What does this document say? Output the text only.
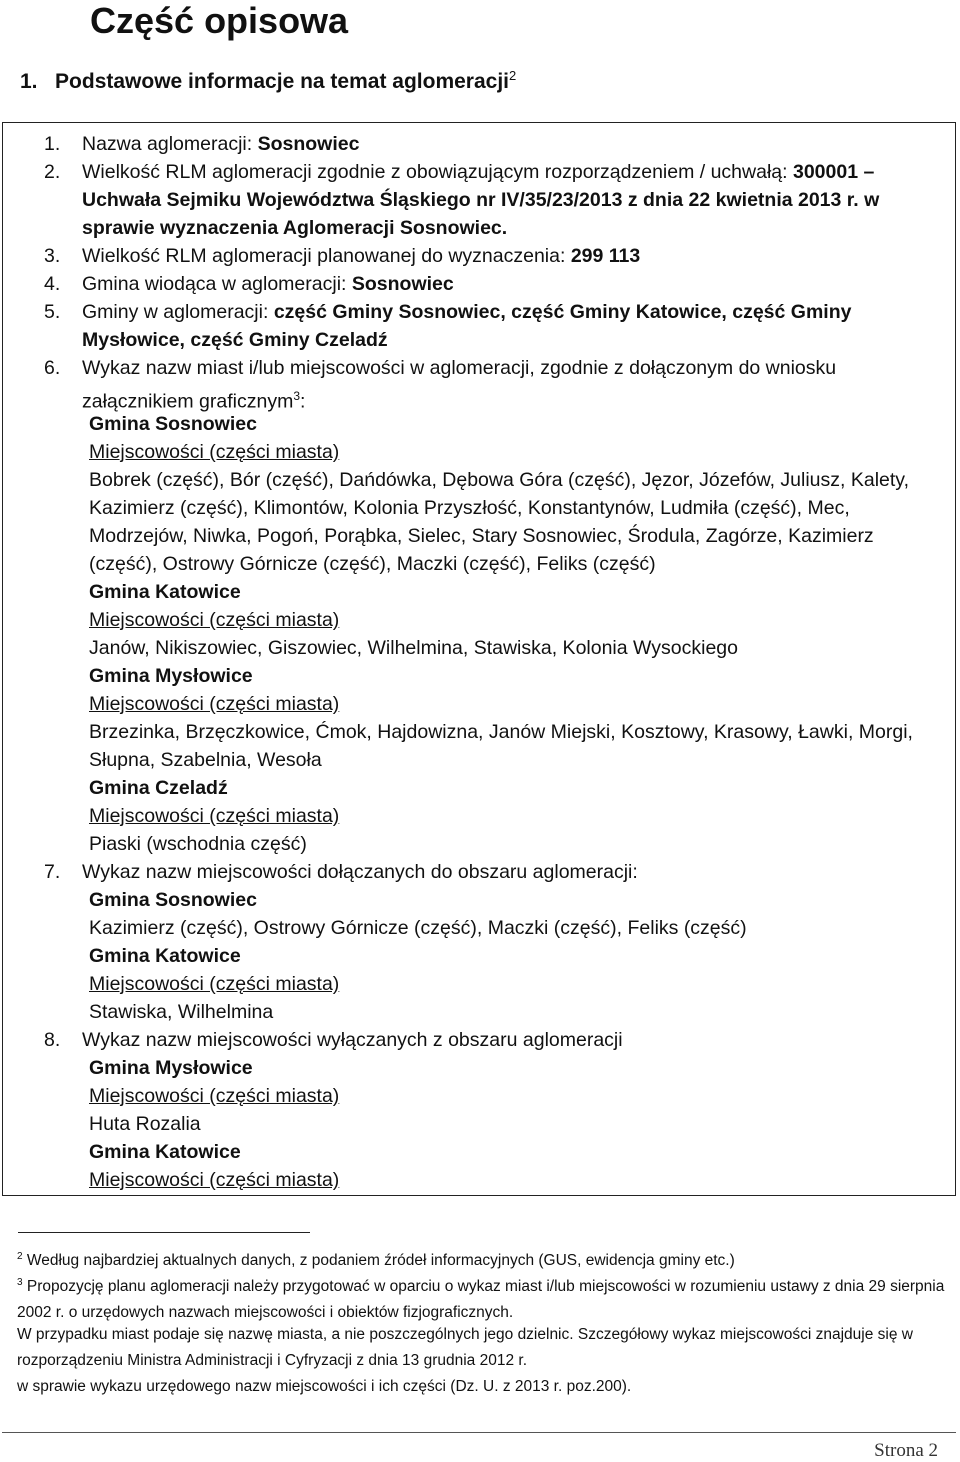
Część opisowa
1. Podstawowe informacje na temat aglomeracji$^2$
1. Nazwa aglomeracji: Sosnowiec
2. Wielkość RLM aglomeracji zgodnie z obowiązującym rozporządzeniem / uchwałą: 300001 – Uchwała Sejmiku Województwa Śląskiego nr IV/35/23/2013 z dnia 22 kwietnia 2013 r. w sprawie wyznaczenia Aglomeracji Sosnowiec.
3. Wielkość RLM aglomeracji planowanej do wyznaczenia: 299 113
4. Gmina wiodąca w aglomeracji: Sosnowiec
5. Gminy w aglomeracji: część Gminy Sosnowiec, część Gminy Katowice, część Gminy Mysłowice, część Gminy Czeladź
6. Wykaz nazw miast i/lub miejscowości w aglomeracji, zgodnie z dołączonym do wniosku załącznikiem graficznym$^3$:
Gmina Sosnowiec
Miejscowości (części miasta)
Bobrek (część), Bór (część), Dańdówka, Dębowa Góra (część), Jęzor, Józefów, Juliusz, Kalety, Kazimierz (część), Klimontów, Kolonia Przyszłość, Konstantynów, Ludmiła (część), Mec, Modrzejów, Niwka, Pogoń, Porąbka, Sielec, Stary Sosnowiec, Środula, Zagórze, Kazimierz (część), Ostrowy Górnicze (część), Maczki (część), Feliks (część)
Gmina Katowice
Miejscowości (części miasta)
Janów, Nikiszowiec, Giszowiec, Wilhelmina, Stawiska, Kolonia Wysockiego
Gmina Mysłowice
Miejscowości (części miasta)
Brzezinka, Brzęczkowice, Ćmok, Hajdowizna, Janów Miejski, Kosztowy, Krasowy, Ławki, Morgi, Słupna, Szabelnia, Wesoła
Gmina Czeladź
Miejscowości (części miasta)
Piaski (wschodnia część)
7. Wykaz nazw miejscowości dołączanych do obszaru aglomeracji:
Gmina Sosnowiec
Kazimierz (część), Ostrowy Górnicze (część), Maczki (część), Feliks (część)
Gmina Katowice
Miejscowości (części miasta)
Stawiska, Wilhelmina
8. Wykaz nazw miejscowości wyłączanych z obszaru aglomeracji
Gmina Mysłowice
Miejscowości (części miasta)
Huta Rozalia
Gmina Katowice
Miejscowości (części miasta)
$^2$ Według najbardziej aktualnych danych, z podaniem źródeł informacyjnych (GUS, ewidencja gminy etc.)
$^3$ Propozycję planu aglomeracji należy przygotować w oparciu o wykaz miast i/lub miejscowości w rozumieniu ustawy z dnia 29 sierpnia 2002 r. o urzędowych nazwach miejscowości i obiektów fizjograficznych.
W przypadku miast podaje się nazwę miasta, a nie poszczególnych jego dzielnic. Szczegółowy wykaz miejscowości znajduje się w rozporządzeniu Ministra Administracji i Cyfryzacji z dnia 13 grudnia 2012 r.
w sprawie wykazu urzędowego nazw miejscowości i ich części (Dz. U. z 2013 r. poz.200).
Strona 2
